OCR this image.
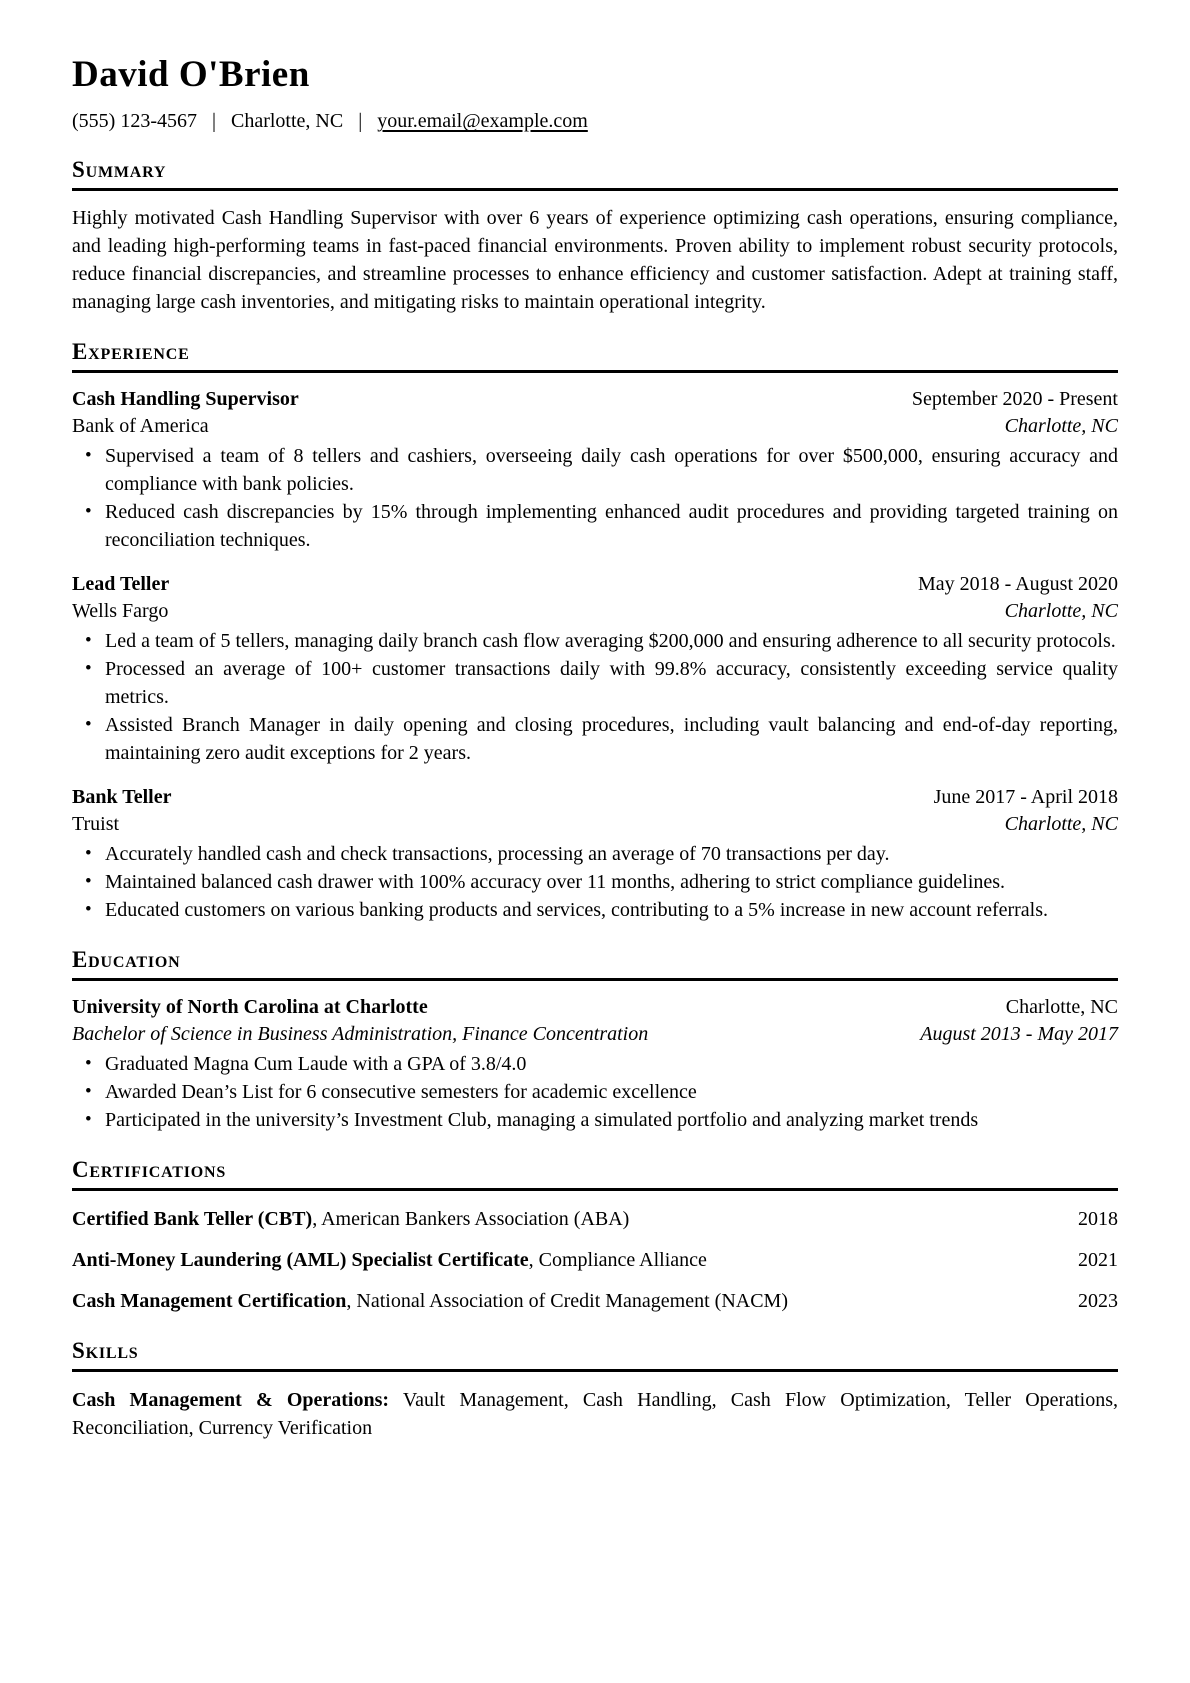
David O'Brien
(555) 123-4567 | Charlotte, NC | your.email@example.com
Summary

Highly motivated Cash Handling Supervisor with over 6 years of experience optimizing cash operations, ensuring compliance, and leading high-performing teams in fast-paced financial environments. Proven ability to implement robust security protocols, reduce financial discrepancies, and streamline processes to enhance efficiency and customer satisfaction. Adept at training staff, managing large cash inventories, and mitigating risks to maintain operational integrity.

Experience
Cash Handling Supervisor	September 2020 - Present
Bank of America	Charlotte, NC
• Supervised a team of 8 tellers and cashiers, overseeing daily cash operations for over $500,000, ensuring accuracy and compliance with bank policies.
• Reduced cash discrepancies by 15% through implementing enhanced audit procedures and providing targeted training on reconciliation techniques.
Lead Teller	May 2018 - August 2020
Wells Fargo	Charlotte, NC
• Led a team of 5 tellers, managing daily branch cash flow averaging $200,000 and ensuring adherence to all security protocols.
• Processed an average of 100+ customer transactions daily with 99.8% accuracy, consistently exceeding service quality metrics.
• Assisted Branch Manager in daily opening and closing procedures, including vault balancing and end-of-day reporting, maintaining zero audit exceptions for 2 years.
Bank Teller	June 2017 - April 2018
Truist	Charlotte, NC
• Accurately handled cash and check transactions, processing an average of 70 transactions per day.
• Maintained balanced cash drawer with 100% accuracy over 11 months, adhering to strict compliance guidelines.
• Educated customers on various banking products and services, contributing to a 5% increase in new account referrals.
Education
University of North Carolina at Charlotte	Charlotte, NC
Bachelor of Science in Business Administration, Finance Concentration	August 2013 - May 2017
• Graduated Magna Cum Laude with a GPA of 3.8/4.0
• Awarded Dean’s List for 6 consecutive semesters for academic excellence
• Participated in the university’s Investment Club, managing a simulated portfolio and analyzing market trends
Certifications
Certified Bank Teller (CBT), American Bankers Association (ABA)	2018
Anti-Money Laundering (AML) Specialist Certificate, Compliance Alliance	2021
Cash Management Certification, National Association of Credit Management (NACM)	2023
Skills

Cash Management & Operations: Vault Management, Cash Handling, Cash Flow Optimization, Teller Operations, Reconciliation, Currency Verification
